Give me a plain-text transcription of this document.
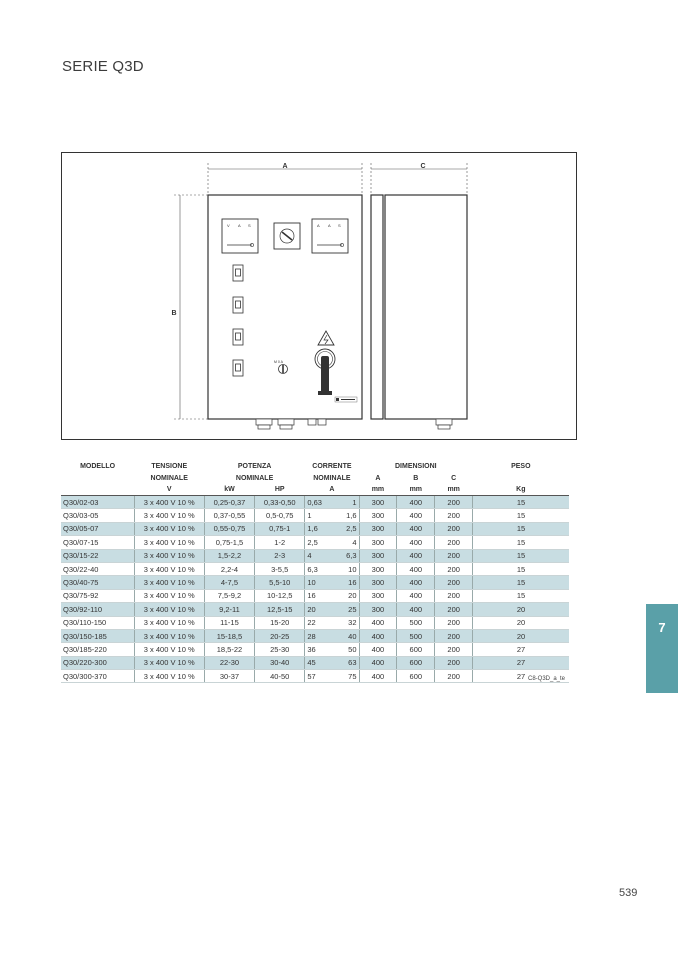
SERIE Q3D
A	C
B
V A S	A A S
M 0 A
MODELLO	TENSIONE	POTENZA		CORRENTE		DIMENSIONI			PESO
	NOMINALE	NOMINALE		NOMINALE		A	B	C	
	V	kW	HP	A		mm	mm	mm	Kg
Q30/02-03	3 x 400 V 10 %	0,25-0,37	0,33-0,50	0,63	1	300	400	200	15
Q30/03-05	3 x 400 V 10 %	0,37-0,55	0,5-0,75	1	1,6	300	400	200	15
Q30/05-07	3 x 400 V 10 %	0,55-0,75	0,75-1	1,6	2,5	300	400	200	15
Q30/07-15	3 x 400 V 10 %	0,75-1,5	1-2	2,5	4	300	400	200	15
Q30/15-22	3 x 400 V 10 %	1,5-2,2	2-3	4	6,3	300	400	200	15
Q30/22-40	3 x 400 V 10 %	2,2-4	3-5,5	6,3	10	300	400	200	15
Q30/40-75	3 x 400 V 10 %	4-7,5	5,5-10	10	16	300	400	200	15
Q30/75-92	3 x 400 V 10 %	7,5-9,2	10-12,5	16	20	300	400	200	15
Q30/92-110	3 x 400 V 10 %	9,2-11	12,5-15	20	25	300	400	200	20
Q30/110-150	3 x 400 V 10 %	11-15	15-20	22	32	400	500	200	20
Q30/150-185	3 x 400 V 10 %	15-18,5	20-25	28	40	400	500	200	20
Q30/185-220	3 x 400 V 10 %	18,5-22	25-30	36	50	400	600	200	27
Q30/220-300	3 x 400 V 10 %	22-30	30-40	45	63	400	600	200	27
Q30/300-370	3 x 400 V 10 %	30-37	40-50	57	75	400	600	200	27 C8-Q3D_a_te
7
539
